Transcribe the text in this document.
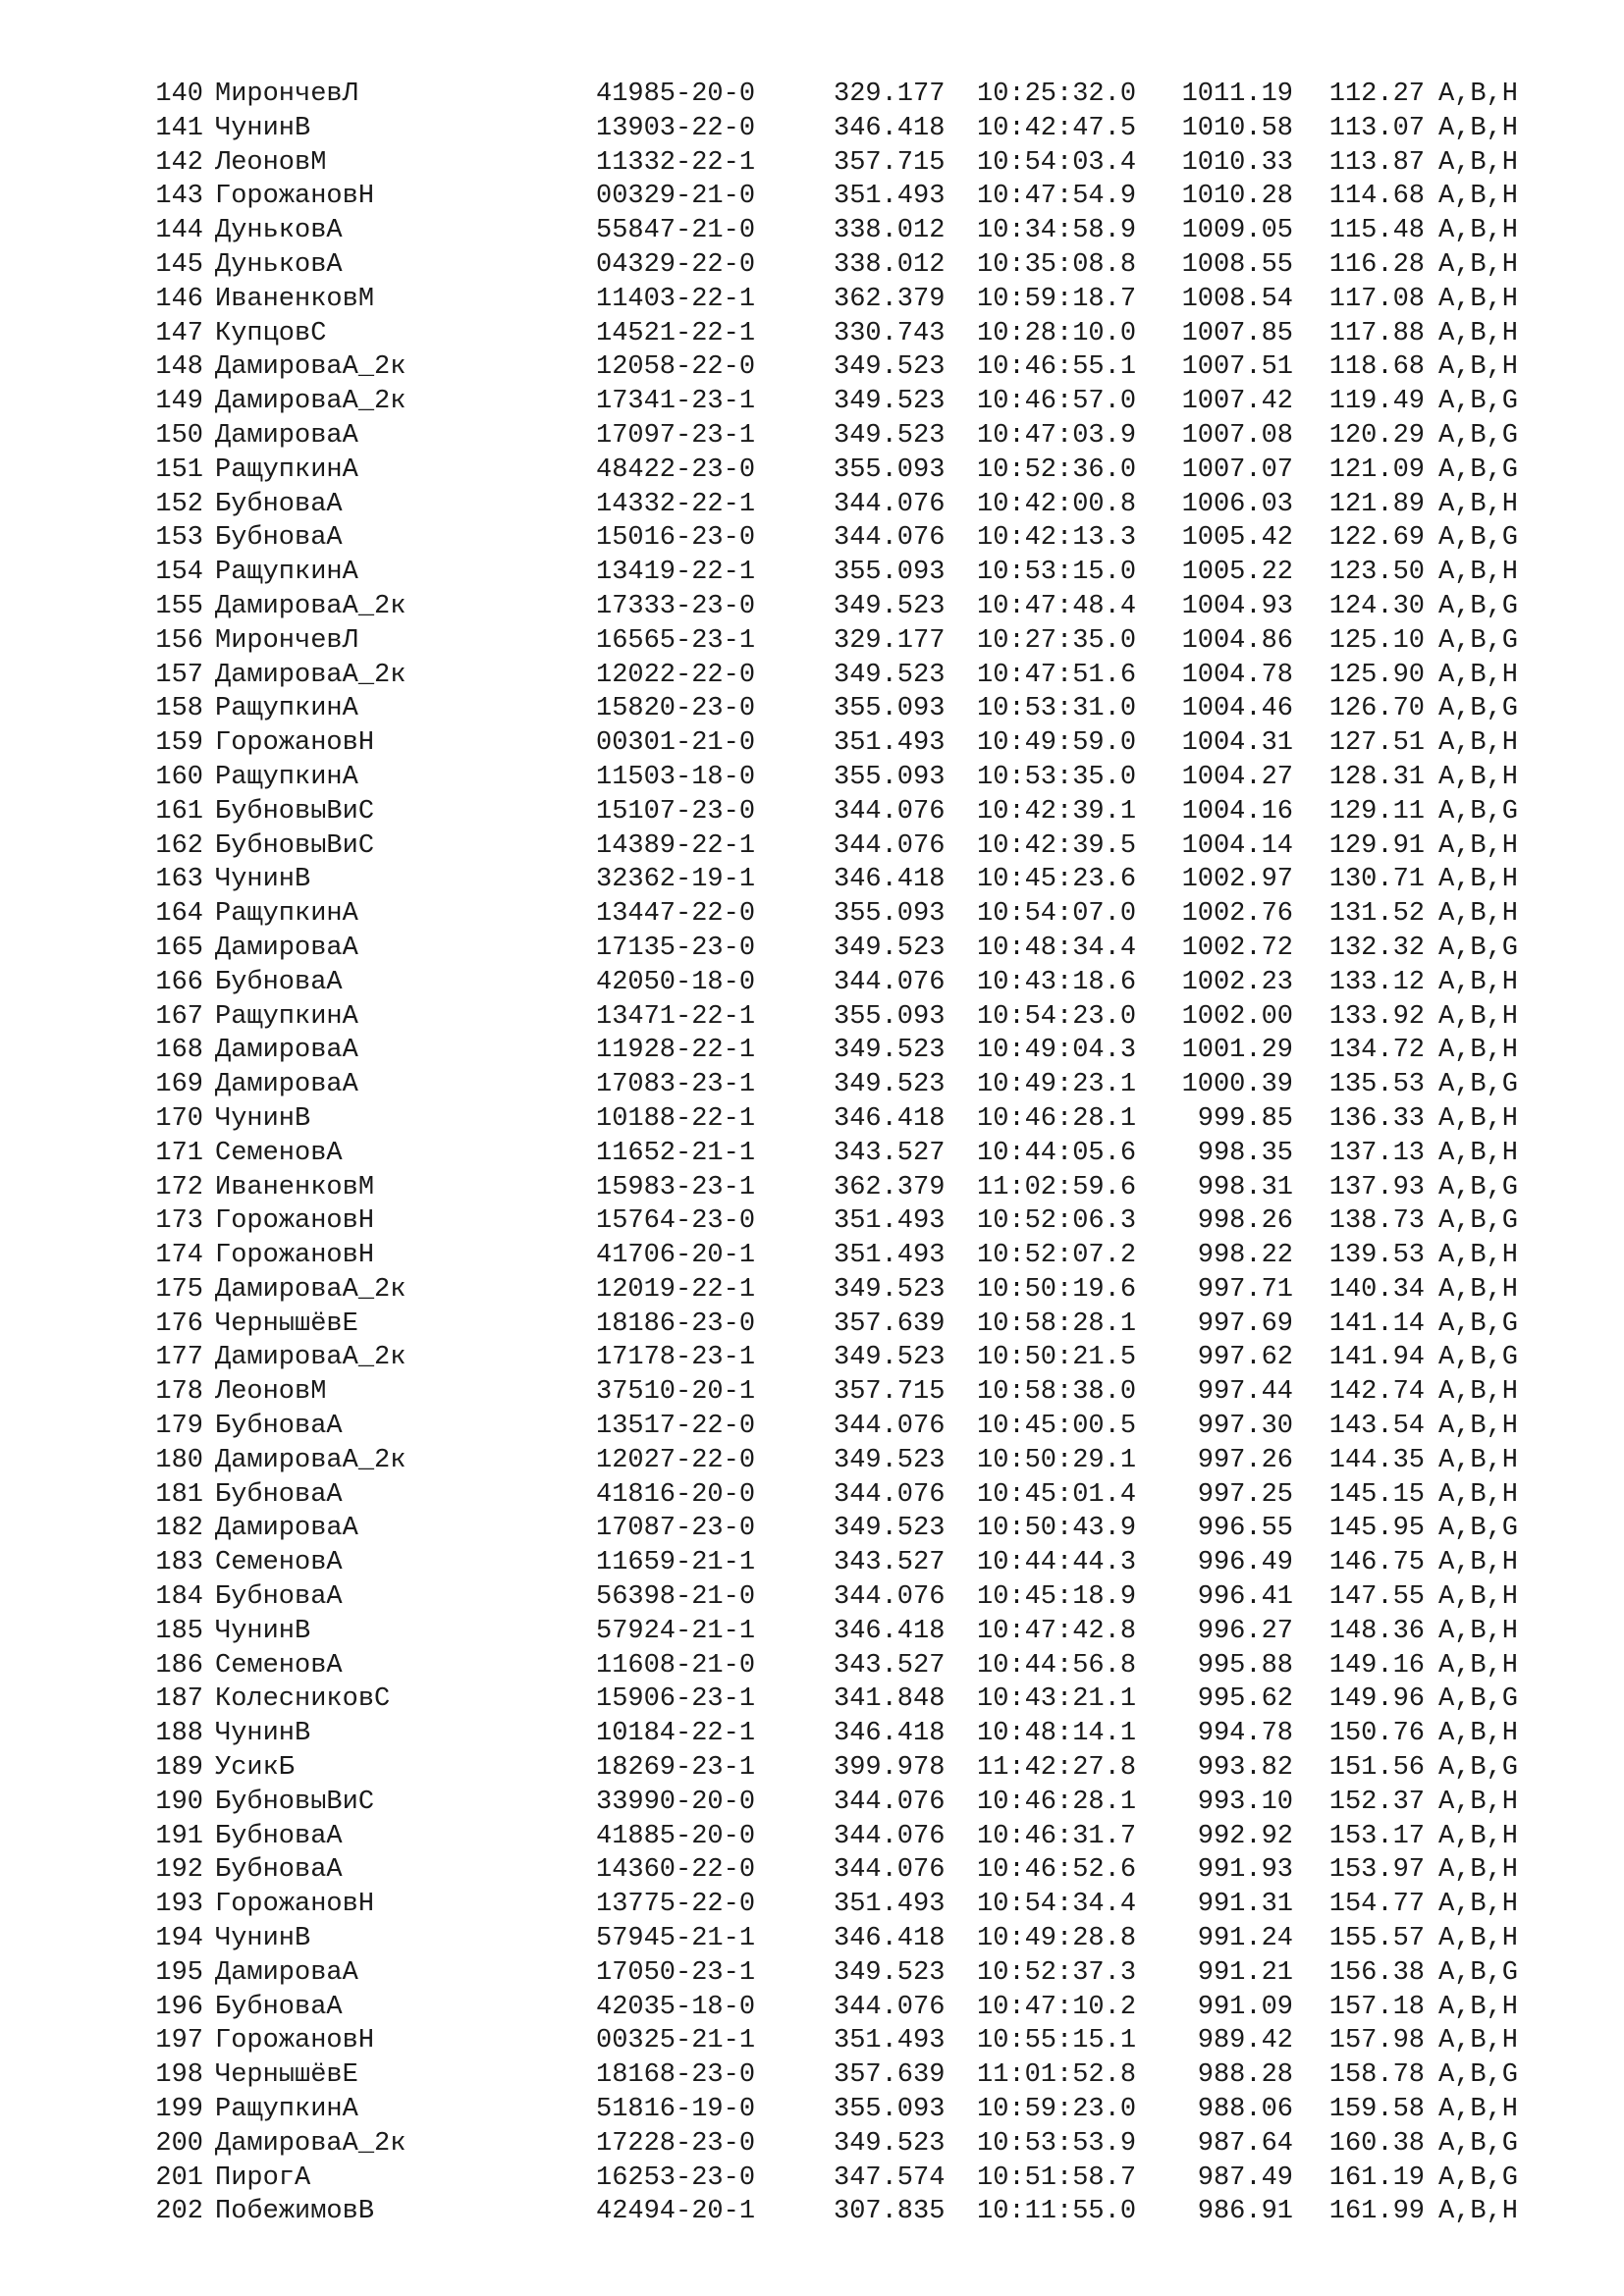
140 МирончевЛ	41985-20-0	329.177 10:25:32.0 1011.19	112.27 A,B,H
141 ЧунинВ	13903-22-0	346.418 10:42:47.5 1010.58	113.07 A,B,H
142 ЛеоновМ	11332-22-1	357.715 10:54:03.4 1010.33	113.87 A,B,H
143 ГорожановН	00329-21-0	351.493 10:47:54.9 1010.28	114.68 A,B,H
144 ДуньковА	55847-21-0	338.012 10:34:58.9 1009.05	115.48 A,B,H
145 ДуньковА	04329-22-0	338.012 10:35:08.8 1008.55	116.28 A,B,H
146 ИваненковМ	11403-22-1	362.379 10:59:18.7 1008.54	117.08 A,B,H
147 КупцовС	14521-22-1	330.743 10:28:10.0 1007.85	117.88 A,B,H
148 ДамироваА_2к	12058-22-0	349.523 10:46:55.1 1007.51	118.68 A,B,H
149 ДамироваА_2к	17341-23-1	349.523 10:46:57.0 1007.42	119.49 A,B,G
150 ДамироваА	17097-23-1	349.523 10:47:03.9 1007.08	120.29 A,B,G
151 РащупкинА	48422-23-0	355.093 10:52:36.0 1007.07	121.09 A,B,G
152 БубноваА	14332-22-1	344.076 10:42:00.8 1006.03	121.89 A,B,H
153 БубноваА	15016-23-0	344.076 10:42:13.3 1005.42	122.69 A,B,G
154 РащупкинА	13419-22-1	355.093 10:53:15.0 1005.22	123.50 A,B,H
155 ДамироваА_2к	17333-23-0	349.523 10:47:48.4 1004.93	124.30 A,B,G
156 МирончевЛ	16565-23-1	329.177 10:27:35.0 1004.86	125.10 A,B,G
157 ДамироваА_2к	12022-22-0	349.523 10:47:51.6 1004.78	125.90 A,B,H
158 РащупкинА	15820-23-0	355.093 10:53:31.0 1004.46	126.70 A,B,G
159 ГорожановН	00301-21-0	351.493 10:49:59.0 1004.31	127.51 A,B,H
160 РащупкинА	11503-18-0	355.093 10:53:35.0 1004.27	128.31 A,B,H
161 БубновыВиС	15107-23-0	344.076 10:42:39.1 1004.16	129.11 A,B,G
162 БубновыВиС	14389-22-1	344.076 10:42:39.5 1004.14	129.91 A,B,H
163 ЧунинВ	32362-19-1	346.418 10:45:23.6 1002.97	130.71 A,B,H
164 РащупкинА	13447-22-0	355.093 10:54:07.0 1002.76	131.52 A,B,H
165 ДамироваА	17135-23-0	349.523 10:48:34.4 1002.72	132.32 A,B,G
166 БубноваА	42050-18-0	344.076 10:43:18.6 1002.23	133.12 A,B,H
167 РащупкинА	13471-22-1	355.093 10:54:23.0 1002.00	133.92 A,B,H
168 ДамироваА	11928-22-1	349.523 10:49:04.3 1001.29	134.72 A,B,H
169 ДамироваА	17083-23-1	349.523 10:49:23.1 1000.39	135.53 A,B,G
170 ЧунинВ	10188-22-1	346.418 10:46:28.1	999.85	136.33 A,B,H
171 СеменовА	11652-21-1	343.527 10:44:05.6	998.35	137.13 A,B,H
172 ИваненковМ	15983-23-1	362.379 11:02:59.6	998.31	137.93 A,B,G
173 ГорожановН	15764-23-0	351.493 10:52:06.3	998.26	138.73 A,B,G
174 ГорожановН	41706-20-1	351.493 10:52:07.2	998.22	139.53 A,B,H
175 ДамироваА_2к	12019-22-1	349.523 10:50:19.6	997.71	140.34 A,B,H
176 ЧернышёвЕ	18186-23-0	357.639 10:58:28.1	997.69	141.14 A,B,G
177 ДамироваА_2к	17178-23-1	349.523 10:50:21.5	997.62	141.94 A,B,G
178 ЛеоновМ	37510-20-1	357.715 10:58:38.0	997.44	142.74 A,B,H
179 БубноваА	13517-22-0	344.076 10:45:00.5	997.30	143.54 A,B,H
180 ДамироваА_2к	12027-22-0	349.523 10:50:29.1	997.26	144.35 A,B,H
181 БубноваА	41816-20-0	344.076 10:45:01.4	997.25	145.15 A,B,H
182 ДамироваА	17087-23-0	349.523 10:50:43.9	996.55	145.95 A,B,G
183 СеменовА	11659-21-1	343.527 10:44:44.3	996.49	146.75 A,B,H
184 БубноваА	56398-21-0	344.076 10:45:18.9	996.41	147.55 A,B,H
185 ЧунинВ	57924-21-1	346.418 10:47:42.8	996.27	148.36 A,B,H
186 СеменовА	11608-21-0	343.527 10:44:56.8	995.88	149.16 A,B,H
187 КолесниковС	15906-23-1	341.848 10:43:21.1	995.62	149.96 A,B,G
188 ЧунинВ	10184-22-1	346.418 10:48:14.1	994.78	150.76 A,B,H
189 УсикБ	18269-23-1	399.978 11:42:27.8	993.82	151.56 A,B,G
190 БубновыВиС	33990-20-0	344.076 10:46:28.1	993.10	152.37 A,B,H
191 БубноваА	41885-20-0	344.076 10:46:31.7	992.92	153.17 A,B,H
192 БубноваА	14360-22-0	344.076 10:46:52.6	991.93	153.97 A,B,H
193 ГорожановН	13775-22-0	351.493 10:54:34.4	991.31	154.77 A,B,H
194 ЧунинВ	57945-21-1	346.418 10:49:28.8	991.24	155.57 A,B,H
195 ДамироваА	17050-23-1	349.523 10:52:37.3	991.21	156.38 A,B,G
196 БубноваА	42035-18-0	344.076 10:47:10.2	991.09	157.18 A,B,H
197 ГорожановН	00325-21-1	351.493 10:55:15.1	989.42	157.98 A,B,H
198 ЧернышёвЕ	18168-23-0	357.639 11:01:52.8	988.28	158.78 A,B,G
199 РащупкинА	51816-19-0	355.093 10:59:23.0	988.06	159.58 A,B,H
200 ДамироваА_2к	17228-23-0	349.523 10:53:53.9	987.64	160.38 A,B,G
201 ПирогА	16253-23-0	347.574 10:51:58.7	987.49	161.19 A,B,G
202 ПобежимовВ	42494-20-1	307.835 10:11:55.0	986.91	161.99 A,B,H
